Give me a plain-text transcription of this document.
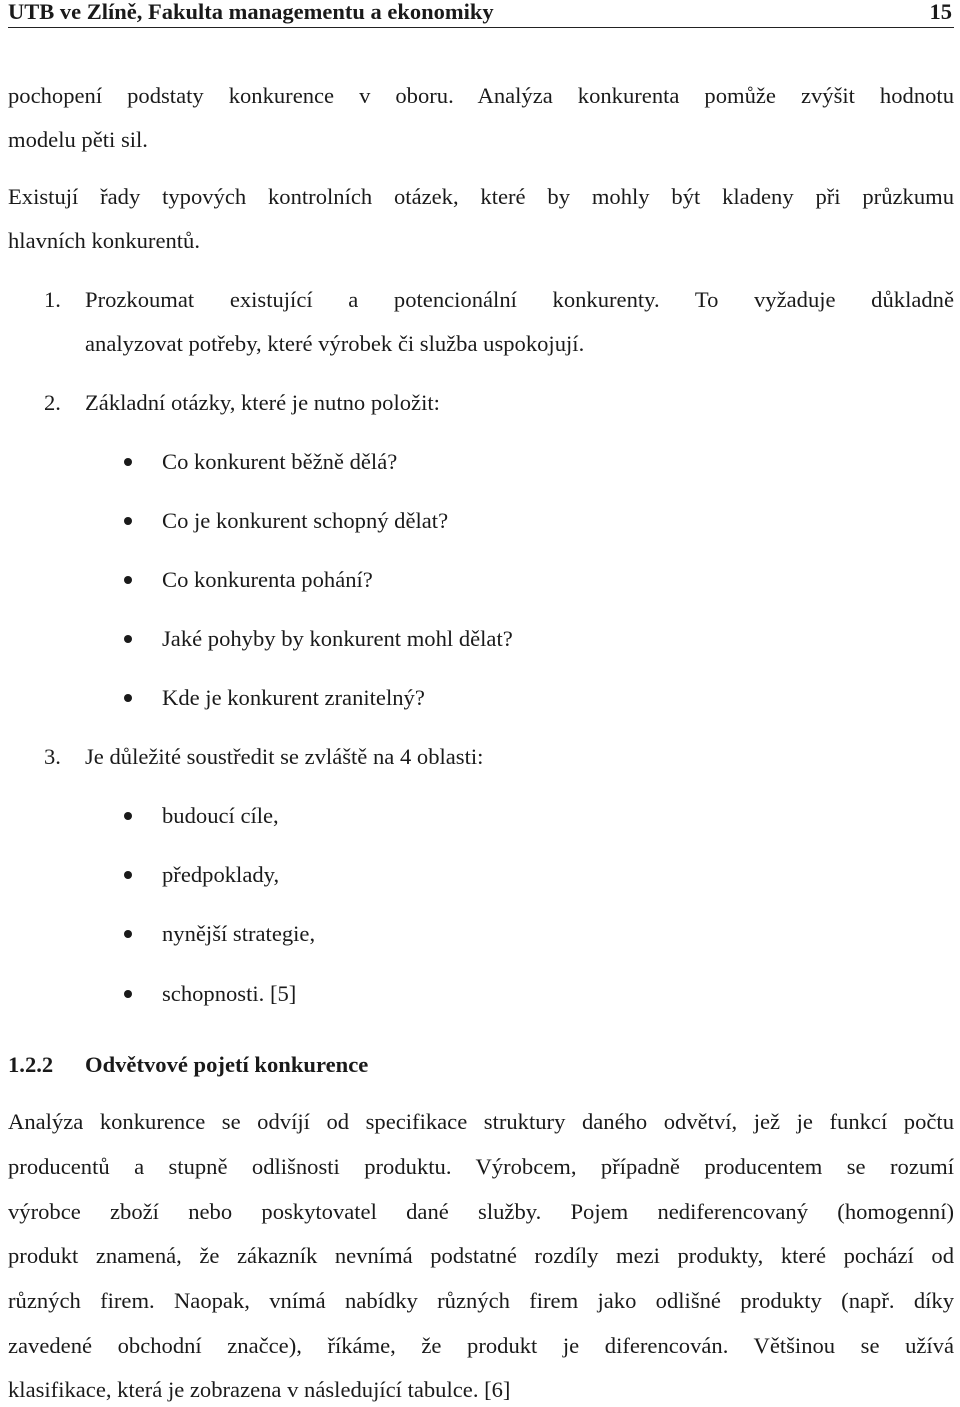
UTB ve Zlíně, Fakulta managementu a ekonomiky	15
pochopení podstaty konkurence v oboru. Analýza konkurenta pomůže zvýšit hodnotu
modelu pěti sil.
Existují řady typových kontrolních otázek, které by mohly být kladeny při průzkumu
hlavních konkurentů.
1. Prozkoumat existující a potencionální konkurenty. To vyžaduje důkladně
analyzovat potřeby, které výrobek či služba uspokojují.
2. Základní otázky, které je nutno položit:
Co konkurent běžně dělá?
Co je konkurent schopný dělat?
Co konkurenta pohání?
Jaké pohyby by konkurent mohl dělat?
Kde je konkurent zranitelný?
3. Je důležité soustředit se zvláště na 4 oblasti:
budoucí cíle,
předpoklady,
nynější strategie,
schopnosti. [5]
1.2.2 Odvětvové pojetí konkurence
Analýza konkurence se odvíjí od specifikace struktury daného odvětví, jež je funkcí počtu
producentů a stupně odlišnosti produktu. Výrobcem, případně producentem se rozumí
výrobce zboží nebo poskytovatel dané služby. Pojem nediferencovaný (homogenní)
produkt znamená, že zákazník nevnímá podstatné rozdíly mezi produkty, které pochází od
různých firem. Naopak, vnímá nabídky různých firem jako odlišné produkty (např. díky
zavedené obchodní značce), říkáme, že produkt je diferencován. Většinou se užívá
klasifikace, která je zobrazena v následující tabulce. [6]
